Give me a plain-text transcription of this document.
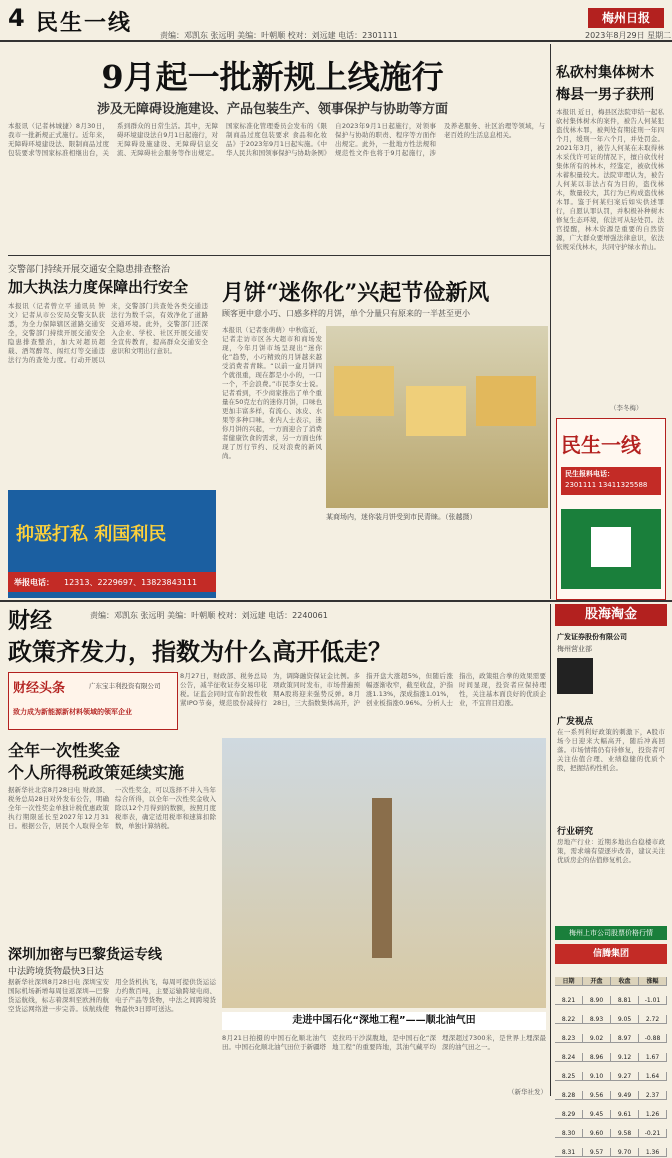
4 民生一线	责编：邓凯东 张远明 美编：叶朝顺 校对：刘远建 电话：2301111
梅州日报
2023年8月29日 星期二
9月起一批新规上线施行
涉及无障碍设施建设、产品包装生产、领事保护与协助等方面
本报讯（记者林城捷）8月30日，我市一批新规正式施行。近年来，无障碍环境建设法、限制商品过度包装要求等国家标准相继出台，关系到群众的日常生活。其中，无障碍环境建设法自9月1日起施行，对无障碍设施建设、无障碍信息交流、无障碍社会服务等作出规定。国家标准化管理委员会发布的《限制商品过度包装要求 食品和化妆品》于2023年9月1日起实施。《中华人民共和国领事保护与协助条例》自2023年9月1日起施行，对领事保护与协助的职责、程序等方面作出规定。此外，一批地方性法规和规范性文件也将于9月起施行，涉及养老服务、社区治理等领域，与老百姓的生活息息相关。
私砍村集体树木
梅县一男子获刑
本报讯 近日，梅县区法院审结一起私砍村集体树木的案件，被告人何某犯盗伐林木罪，被判处有期徒刑一年四个月，缓刑一年六个月，并处罚金。2021年3月，被告人何某在未取得林木采伐许可证的情况下，擅自砍伐村集体所有的林木，经鉴定，被砍伐林木蓄积量较大。法院审理认为，被告人何某以非法占有为目的，盗伐林木，数量较大，其行为已构成盗伐林木罪。鉴于何某归案后如实供述罪行，自愿认罪认罚，并积极补种树木修复生态环境，依法可从轻处罚。法官提醒，林木资源是重要的自然资源，广大群众要增强法律意识，依法依规采伐林木，共同守护绿水青山。
（李冬梅）
民生一线
民生报料电话：
2301111 13411325588
交警部门持续开展交通安全隐患排查整治
加大执法力度保障出行安全
本报讯（记者曾立平 通讯员 钟文）记者从市公安局交警支队获悉，为全力保障辖区道路交通安全，交警部门持续开展交通安全隐患排查整治，加大对超员超载、酒驾醉驾、闯红灯等交通违法行为的查处力度。行动开展以来，交警部门共查处各类交通违法行为数千宗，有效净化了道路交通环境。此外，交警部门还深入企业、学校、社区开展交通安全宣传教育，提高群众交通安全意识和文明出行意识。
月饼“迷你化”兴起节俭新风
顾客更中意小巧、口感多样的月饼，单个分量只有原来的一半甚至更小
本报讯（记者张萌萌）中秋临近，记者走访市区各大超市和商场发现，今年月饼市场呈现出“迷你化”趋势，小巧精致的月饼越来越受消费者青睐。“以前一盒月饼四个就很重，现在都是小小的，一口一个，不会浪费。”市民李女士说。记者看到，不少商家推出了单个重量在50克左右的迷你月饼，口味也更加丰富多样，有流心、冰皮、水果等多种口味。业内人士表示，迷你月饼的兴起，一方面迎合了消费者健康饮食的需求，另一方面也体现了厉行节约、反对浪费的新风尚。
某商场内，迷你装月饼受到市民青睐。（张越摄）
抑恶打私 利国利民
举报电话： 12313、2229697、13823843111
财经	责编：邓凯东 张远明 美编：叶朝顺 校对：刘远建 电话：2240061
政策齐发力，指数为什么高开低走？
财经头条	广东宝丰利投资有限公司
致力成为新能源新材料领域的领军企业
8月27日，财政部、税务总局公告，减半征收证券交易印花税。证监会同时宣布阶段性收紧IPO节奏，规范股份减持行为，调降融资保证金比例。多项政策同时发布，市场普遍预期A股将迎来强势反弹。8月28日，三大指数集体高开，沪指开盘大涨超5%，但随后涨幅逐渐收窄，截至收盘，沪指涨1.13%，深成指涨1.01%，创业板指涨0.96%。分析人士指出，政策组合拳的效果需要时间显现，投资者应保持理性，关注基本面良好的优质企业，不宜盲目追涨。
全年一次性奖金
个人所得税政策延续实施
据新华社北京8月28日电 财政部、税务总局28日对外发布公告，明确全年一次性奖金单独计税优惠政策执行期限延长至2027年12月31日。根据公告，居民个人取得全年一次性奖金，可以选择不并入当年综合所得，以全年一次性奖金收入除以12个月得到的数额，按照月度税率表，确定适用税率和速算扣除数，单独计算纳税。
深圳加密与巴黎货运专线
中法跨境货物最快3日达
据新华社深圳8月28日电 深圳宝安国际机场新增每周往返深圳—巴黎货运航线，标志着深圳至欧洲的航空货运网络进一步完善。该航线使用全货机执飞，每周可提供货运运力约数百吨，主要运输跨境电商、电子产品等货物，中法之间跨境货物最快3日即可送达。
走进中国石化“深地工程”——顺北油气田
8月21日拍摄的中国石化顺北油气田。中国石化顺北油气田位于新疆塔克拉玛干沙漠腹地，是中国石化“深地工程”的重要阵地，其油气藏平均埋深超过7300米，是世界上埋深最深的油气田之一。
（新华社发）
股海淘金
广发证券股份有限公司
梅州营业部
广发视点
在一系列利好政策的刺激下，A股市场今日迎来大幅高开，随后冲高回落。市场情绪仍有待修复，投资者可关注估值合理、业绩稳健的优质个股，把握结构性机会。
行业研究
房地产行业：近期多地出台稳楼市政策，需求端有望逐步改善，建议关注优质房企的估值修复机会。
梅州上市公司股票价格行情
信腾集团
日期	开盘	收盘	涨幅
8.21 8.90 8.81 -1.01
8.22 8.93 9.05 2.72
8.23 9.02 8.97 -0.88
8.24 8.96 9.12 1.67
8.25 9.10 9.27 1.64
8.28 9.56 9.49 2.37
8.29 9.45 9.61 1.26
8.30 9.60 9.58 -0.21
8.31 9.57 9.70 1.36
